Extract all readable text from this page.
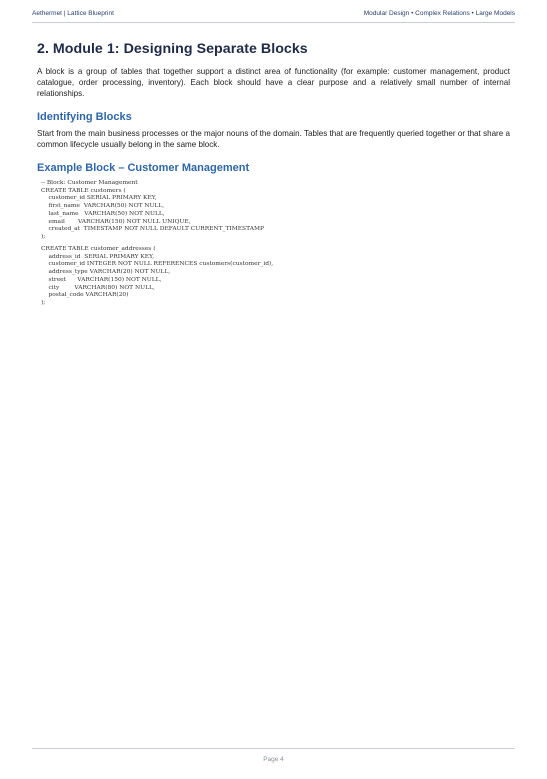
Aethermet | Lattice Blueprint	Modular Design • Complex Relations • Large Models
2. Module 1: Designing Separate Blocks

A block is a group of tables that together support a distinct area of functionality (for example: customer management, product catalogue, order processing, inventory). Each block should have a clear purpose and a relatively small number of internal relationships.

Identifying Blocks

Start from the main business processes or the major nouns of the domain. Tables that are frequently queried together or that share a common lifecycle usually belong in the same block.

Example Block – Customer Management
-- Block: Customer Management
CREATE TABLE customers (
customer_id SERIAL PRIMARY KEY,
first_name  VARCHAR(50) NOT NULL,
last_name   VARCHAR(50) NOT NULL,
email       VARCHAR(150) NOT NULL UNIQUE,
created_at  TIMESTAMP NOT NULL DEFAULT CURRENT_TIMESTAMP
);
CREATE TABLE customer_addresses (
address_id  SERIAL PRIMARY KEY,
customer_id INTEGER NOT NULL REFERENCES customers(customer_id),
address_type VARCHAR(20) NOT NULL,
street      VARCHAR(150) NOT NULL,
city        VARCHAR(80) NOT NULL,
postal_code VARCHAR(20)
);
Page 4
